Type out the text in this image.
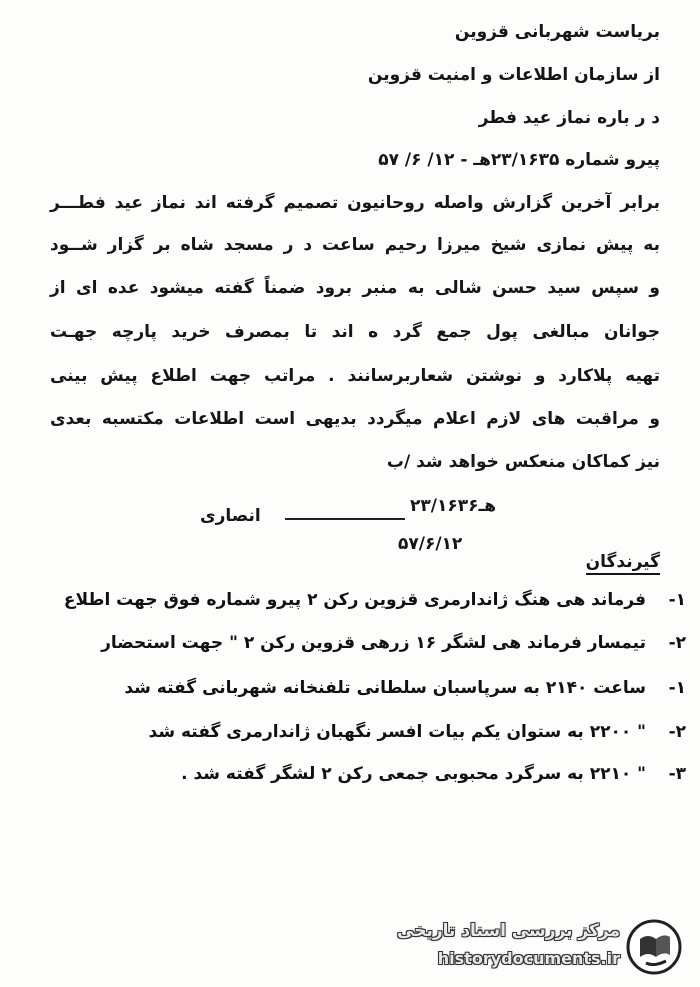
بریاست شهربانی قزوین
از سازمان اطلاعات و امنیت قزوین
د ر باره نماز عید فطر
پیرو شماره ۲۳/۱۶۳۵هـ - ۱۲/ ۶/ ۵۷
برابر آخرین گزارش واصله روحانیون تصمیم گرفته اند نماز عید فطـــر
به پیش نمازی شیخ میرزا رحیم ساعت د ر مسجد شاه بر گزار شــود
و سپس سید حسن شالی به منبر برود ضمناً گفته میشود عده ای از
جوانان مبالغی پول جمع گرد ه اند تا بمصرف خرید پارچه جهـت
تهیه پلاکارد و نوشتن شعاربرسانند . مراتب جهت اطلاع پیش بینی
و مراقبت های لازم اعلام میگردد بدیهی است اطلاعات مکتسبه بعدی
نیز کماکان منعکس خواهد شد /ب
۲۳/۱۶۳۶هـ
انصاری
۵۷/۶/۱۲
گیرندگان
فرماند هی هنگ ژاندارمری قزوین رکن ۲ پیرو شماره فوق جهت اطلاع -۱
تیمسار فرماند هی لشگر ۱۶ زرهی قزوین رکن ۲ " جهت استحضار -۲
ساعت ۲۱۴۰ به سرپاسبان سلطانی تلفنخانه شهربانی گفته شد -۱
" ۲۲۰۰ به ستوان یکم بیات افسر نگهبان ژاندارمری گفته شد -۲
" ۲۲۱۰ به سرگرد محبوبی جمعی رکن ۲ لشگر گفته شد . -۳
مرکز بررسی اسناد تاریخی
historydocuments.ir
